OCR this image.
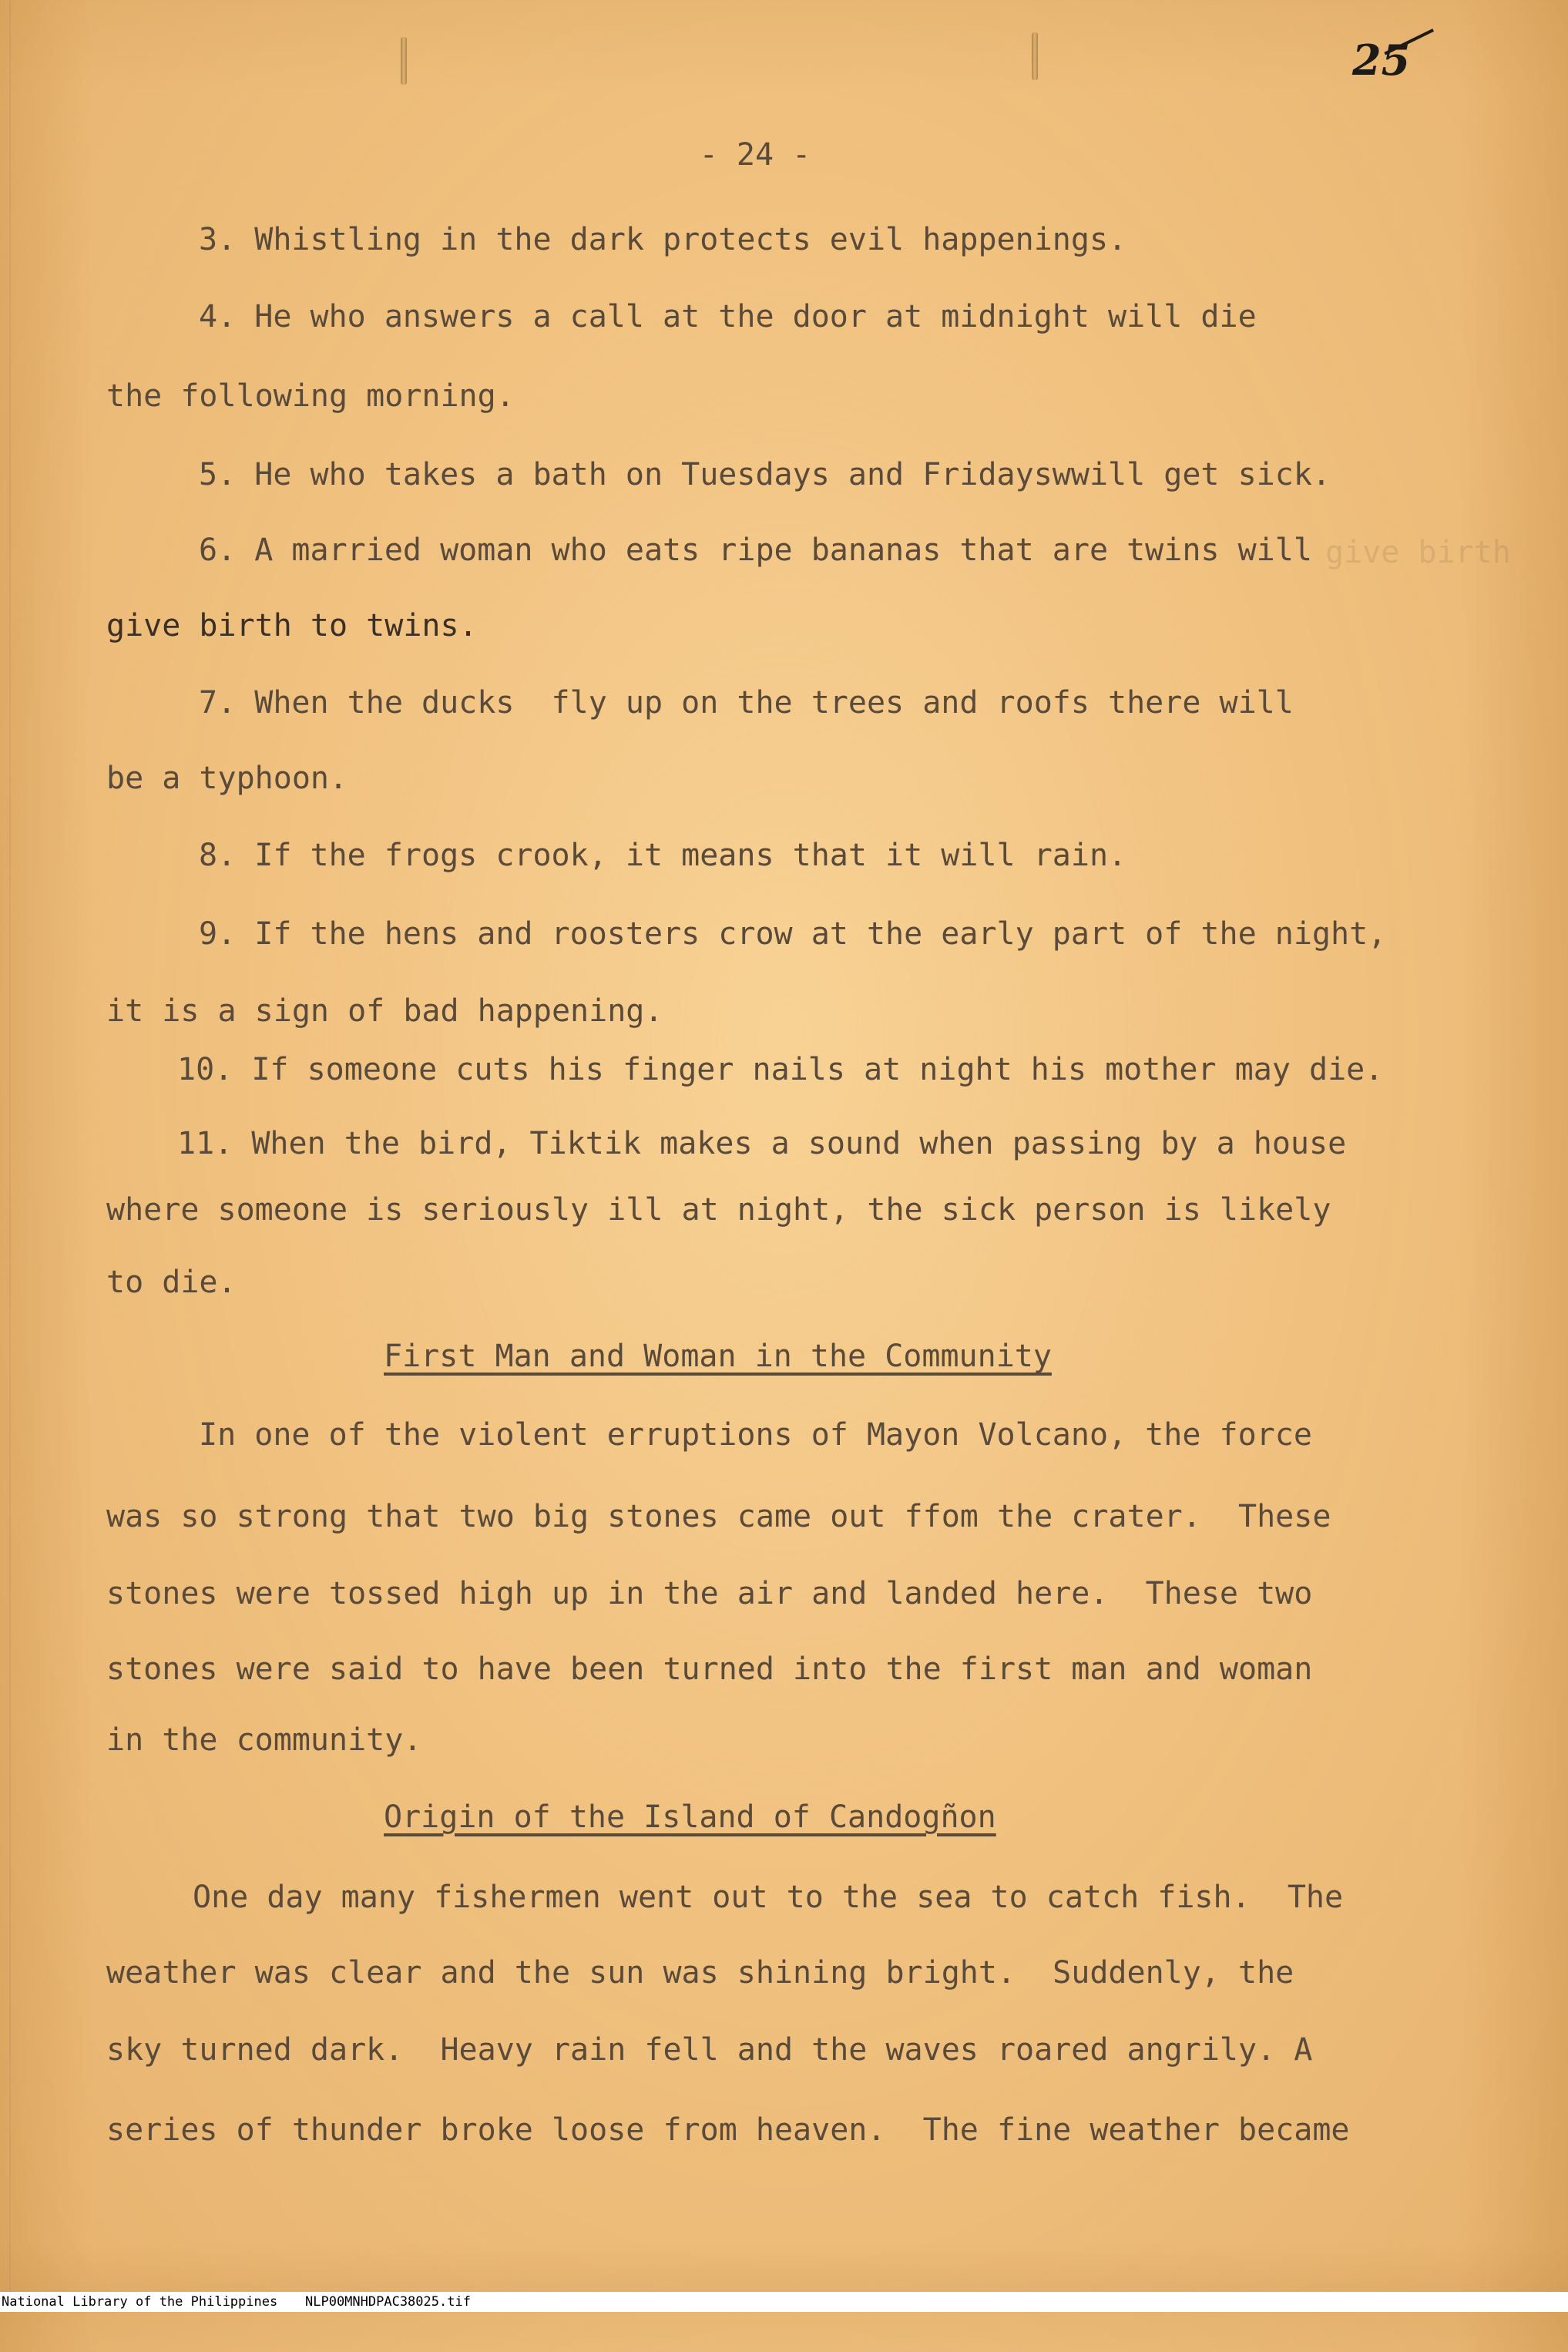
25
- 24 -
3. Whistling in the dark protects evil happenings.
4. He who answers a call at the door at midnight will die
the following morning.
5. He who takes a bath on Tuesdays and Fridayswwill get sick.
6. A married woman who eats ripe bananas that are twins will give birth
give birth to twins.
7. When the ducks  fly up on the trees and roofs there will
be a typhoon.
8. If the frogs crook, it means that it will rain.
9. If the hens and roosters crow at the early part of the night,
it is a sign of bad happening.
10. If someone cuts his finger nails at night his mother may die.
11. When the bird, Tiktik makes a sound when passing by a house
where someone is seriously ill at night, the sick person is likely
to die.
First Man and Woman in the Community
In one of the violent erruptions of Mayon Volcano, the force
was so strong that two big stones came out ffom the crater.  These
stones were tossed high up in the air and landed here.  These two
stones were said to have been turned into the first man and woman
in the community.
Origin of the Island of Candogñon
One day many fishermen went out to the sea to catch fish.  The
weather was clear and the sun was shining bright.  Suddenly, the
sky turned dark.  Heavy rain fell and the waves roared angrily. A
series of thunder broke loose from heaven.  The fine weather became

National Library of the Philippines

NLP00MNHDPAC38025.tif
